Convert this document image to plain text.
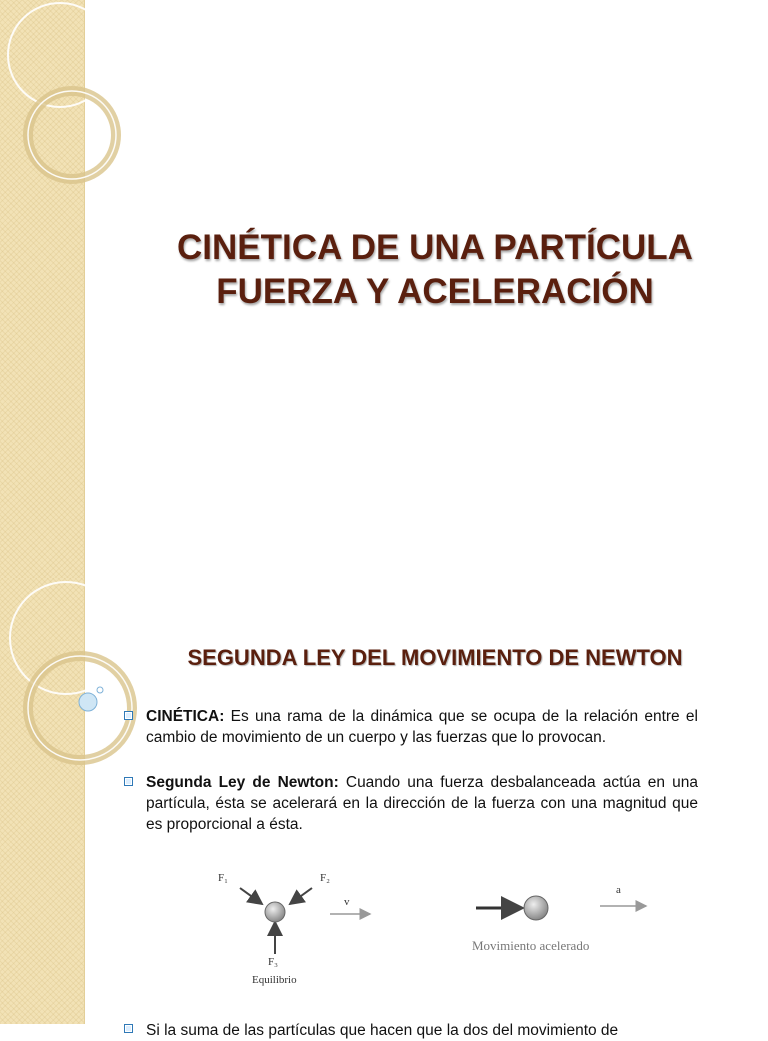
CINÉTICA DE UNA PARTÍCULA
FUERZA Y ACELERACIÓN
SEGUNDA LEY DEL MOVIMIENTO DE NEWTON

CINÉTICA: Es una rama de la dinámica que se ocupa de la relación entre el cambio de movimiento de un cuerpo y las fuerzas que lo provocan.

Segunda Ley de Newton: Cuando una fuerza desbalanceada actúa en una partícula, ésta se acelerará en la dirección de la fuerza con una magnitud que es proporcional a ésta.

F₁	F₂
v
F₃
Equilibrio
a
Movimiento acelerado

Si la suma de las partículas que hacen que la dos del movimiento de
